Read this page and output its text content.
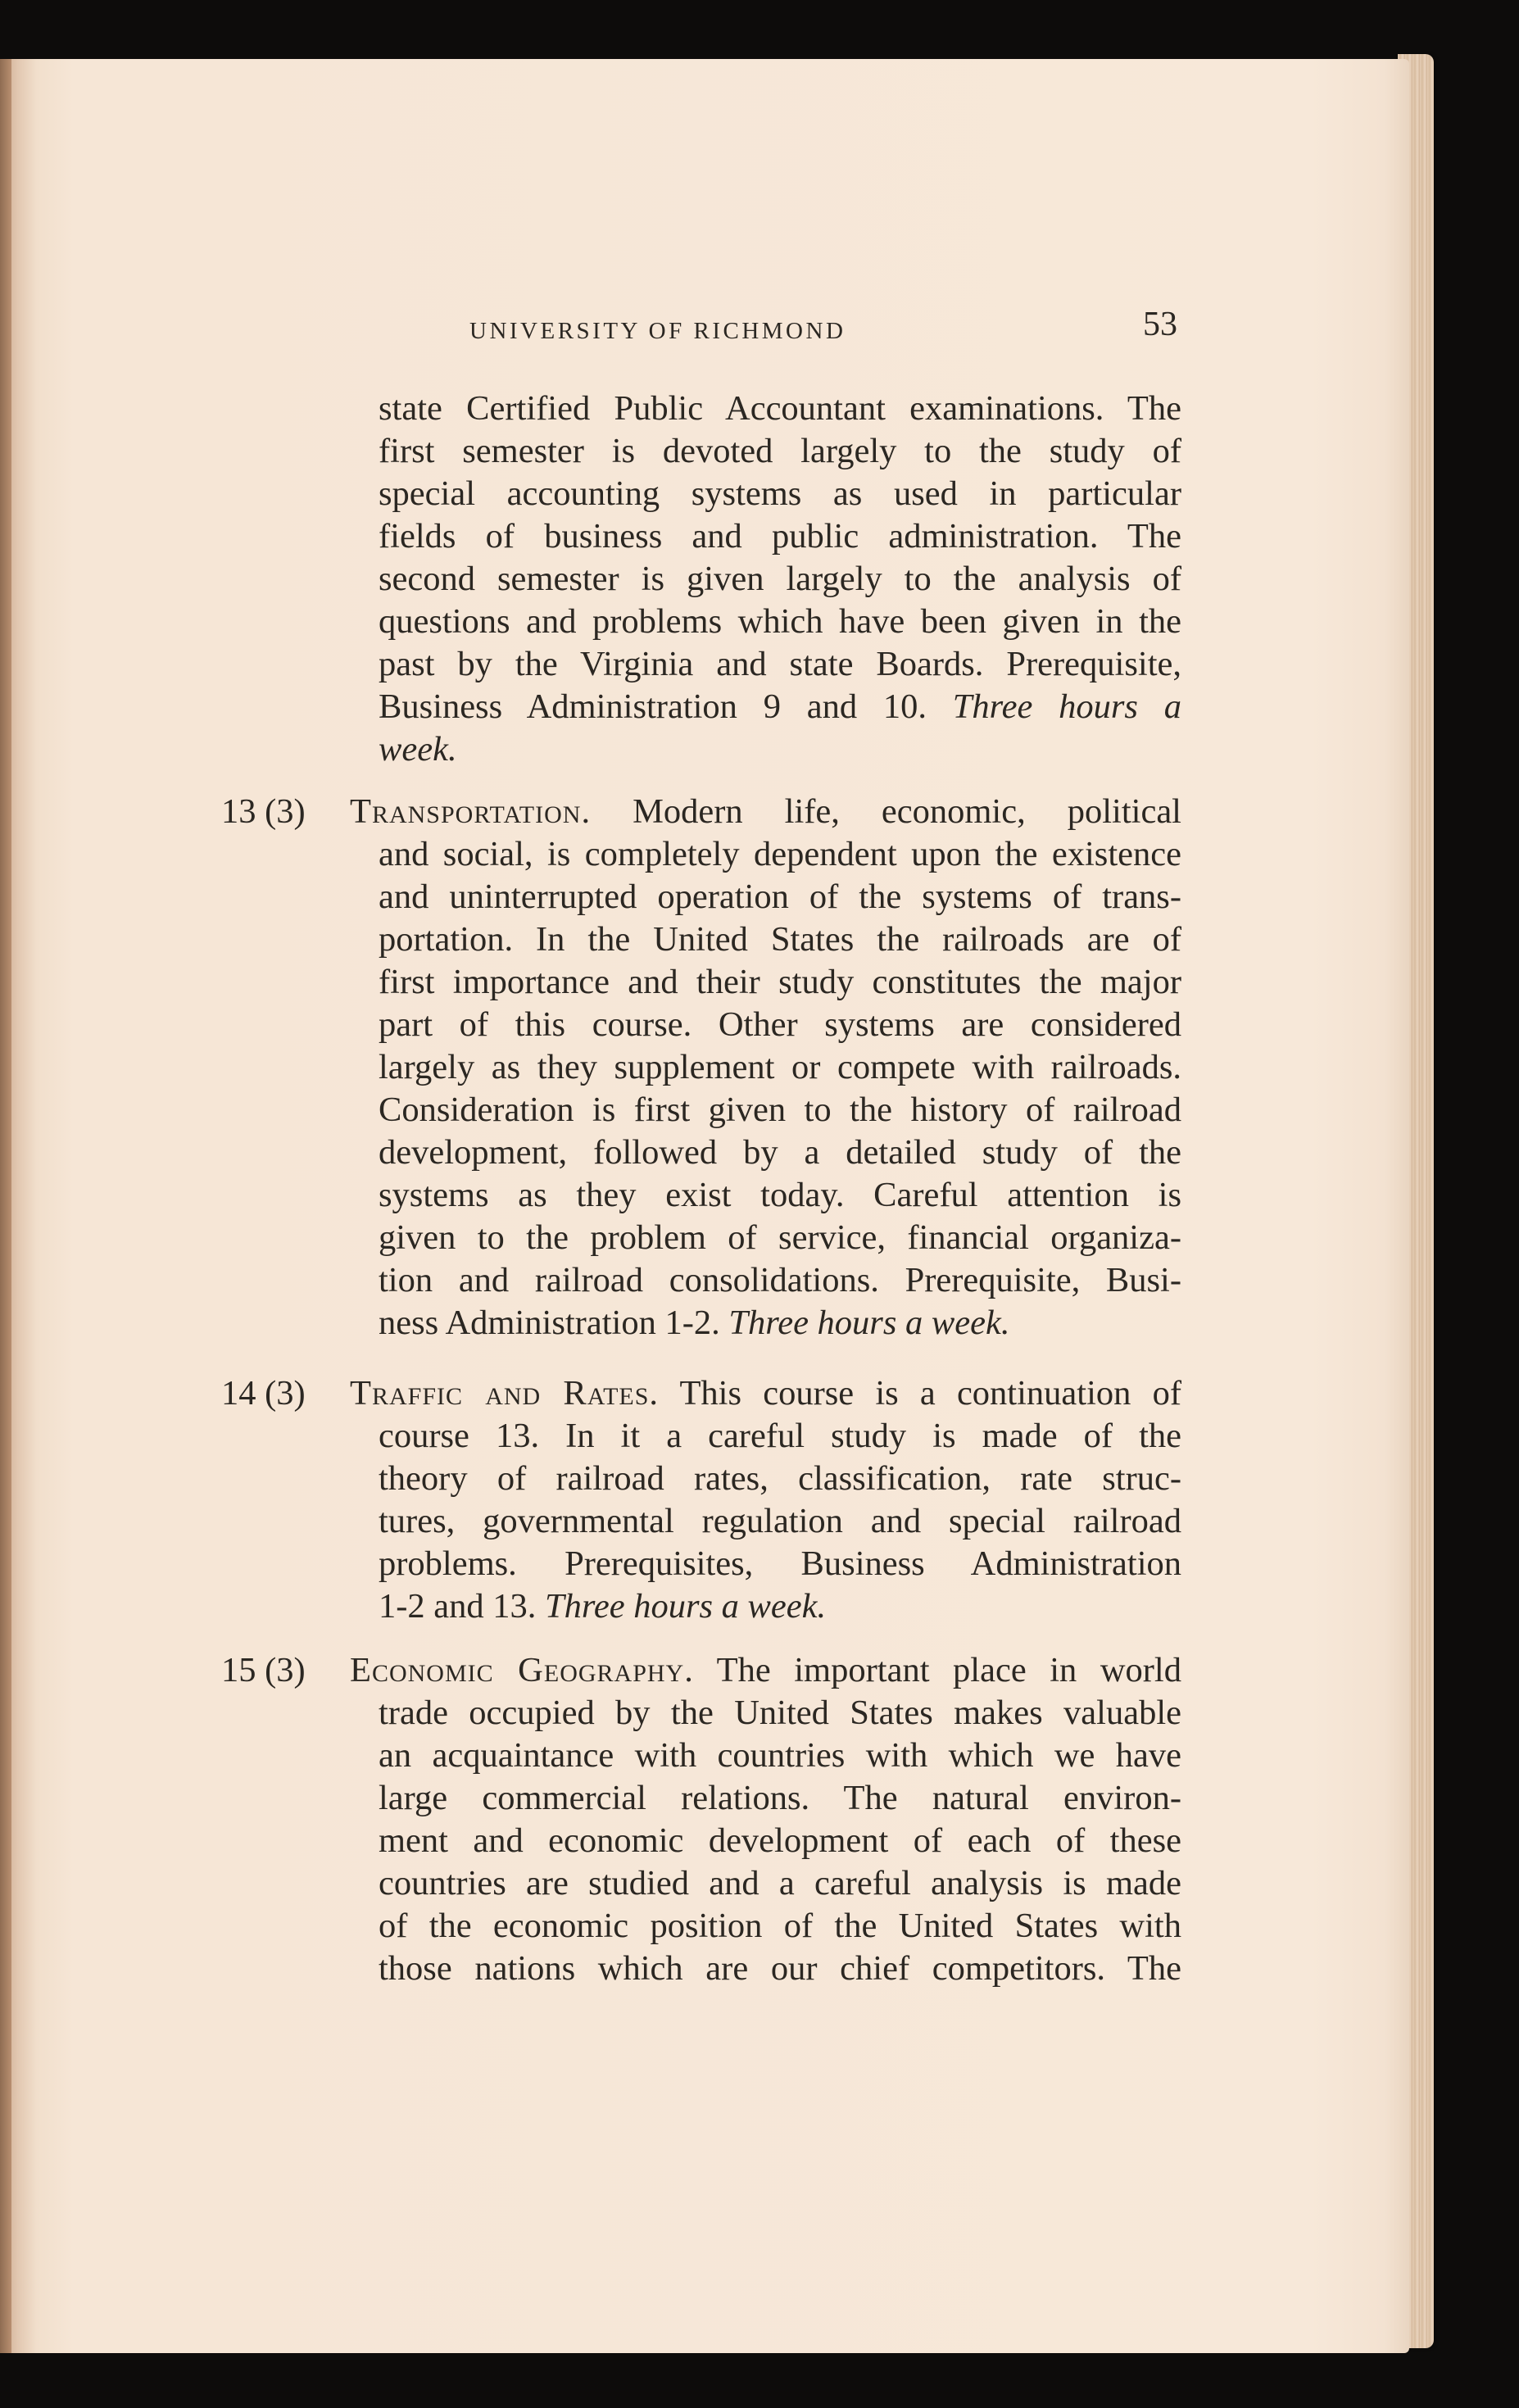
UNIVERSITY OF RICHMOND	53
state Certified Public Accountant examinations. The
first semester is devoted largely to the study of
special accounting systems as used in particular
fields of business and public administration. The
second semester is given largely to the analysis of
questions and problems which have been given in the
past by the Virginia and state Boards. Prerequisite,
Business Administration 9 and 10. Three hours a
week.
13 (3) Transportation. Modern life, economic, political
and social, is completely dependent upon the existence
and uninterrupted operation of the systems of trans-
portation. In the United States the railroads are of
first importance and their study constitutes the major
part of this course. Other systems are considered
largely as they supplement or compete with railroads.
Consideration is first given to the history of railroad
development, followed by a detailed study of the
systems as they exist today. Careful attention is
given to the problem of service, financial organiza-
tion and railroad consolidations. Prerequisite, Busi-
ness Administration 1-2. Three hours a week.
14 (3) Traffic and Rates. This course is a continuation of
course 13. In it a careful study is made of the
theory of railroad rates, classification, rate struc-
tures, governmental regulation and special railroad
problems. Prerequisites, Business Administration
1-2 and 13. Three hours a week.
15 (3) Economic Geography. The important place in world
trade occupied by the United States makes valuable
an acquaintance with countries with which we have
large commercial relations. The natural environ-
ment and economic development of each of these
countries are studied and a careful analysis is made
of the economic position of the United States with
those nations which are our chief competitors. The
